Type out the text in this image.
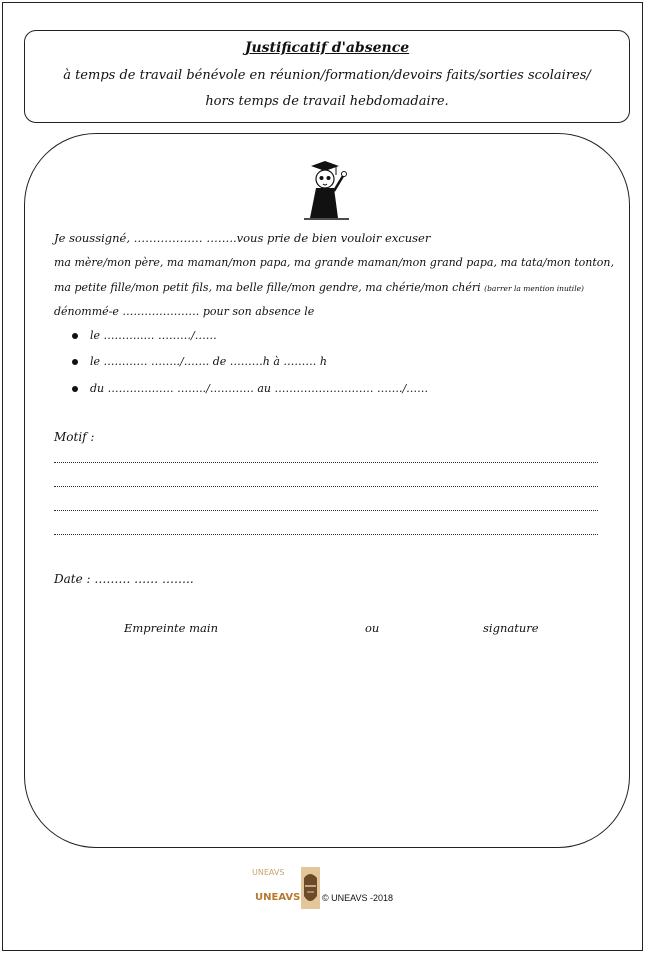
Justificatif d'absence
à temps de travail bénévole en réunion/formation/devoirs faits/sorties scolaires/
hors temps de travail hebdomadaire.
Je soussigné, ……………… ……..vous prie de bien vouloir excuser
ma mère/mon père, ma maman/mon papa, ma grande maman/mon grand papa, ma tata/mon tonton,
ma petite fille/mon petit fils, ma belle fille/mon gendre, ma chérie/mon chéri (barrer la mention inutile)
dénommé-e ………………… pour son absence le
le ………..… ………/……
le ………… ……../……. de ………h à ……… h
du ……………… ……../………… au ……………………… ……./……
Motif :
Date : ……… …… ……..
Empreinte main	ou	signature
UNEAVS
UNEAVS © UNEAVS -2018
